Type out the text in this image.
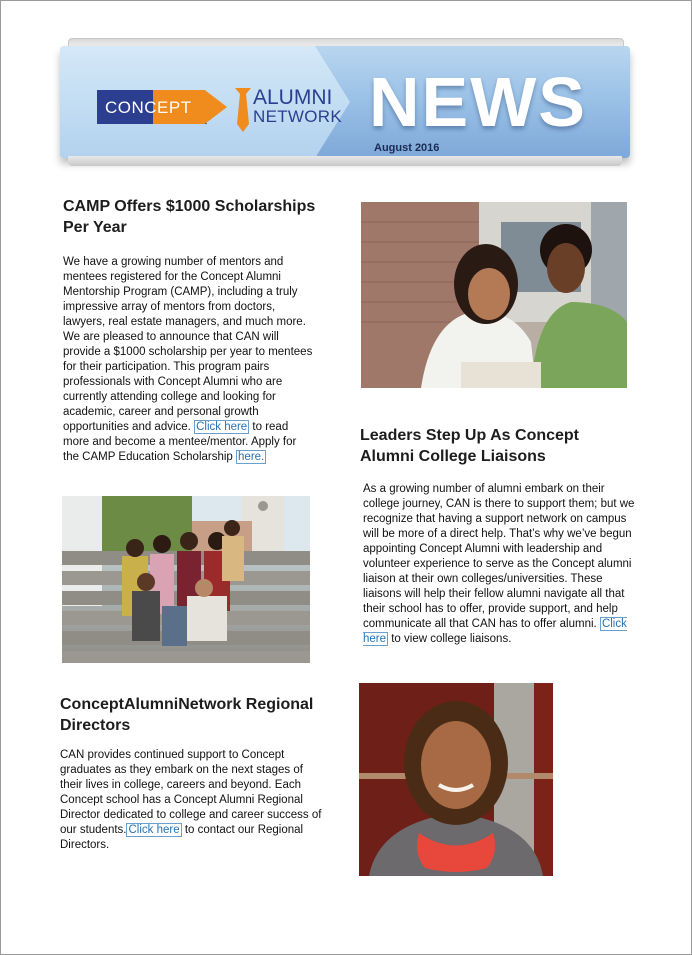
CONCEPT	ALUMNI
NETWORK NEWS
August 2016
CAMP Offers $1000 Scholarships Per Year
We have a growing number of mentors and mentees registered for the Concept Alumni Mentorship Program (CAMP), including a truly impressive array of mentors from doctors, lawyers, real estate managers, and much more. We are pleased to announce that CAN will provide a $1000 scholarship per year to mentees for their participation. This program pairs professionals with Concept Alumni who are currently attending college and looking for academic, career and personal growth opportunities and advice. Click here to read more and become a mentee/mentor. Apply for the CAMP Education Scholarship here.
Leaders Step Up As Concept Alumni College Liaisons
As a growing number of alumni embark on their college journey, CAN is there to support them; but we recognize that having a support network on campus will be more of a direct help. That’s why we’ve begun appointing Concept Alumni with leadership and volunteer experience to serve as the Concept alumni liaison at their own colleges/universities. These liaisons will help their fellow alumni navigate all that their school has to offer, provide support, and help communicate all that CAN has to offer alumni. Click here to view college liaisons.
ConceptAlumniNetwork Regional Directors
CAN provides continued support to Concept graduates as they embark on the next stages of their lives in college, careers and beyond. Each Concept school has a Concept Alumni Regional Director dedicated to college and career success of our students. Click here to contact our Regional Directors.
